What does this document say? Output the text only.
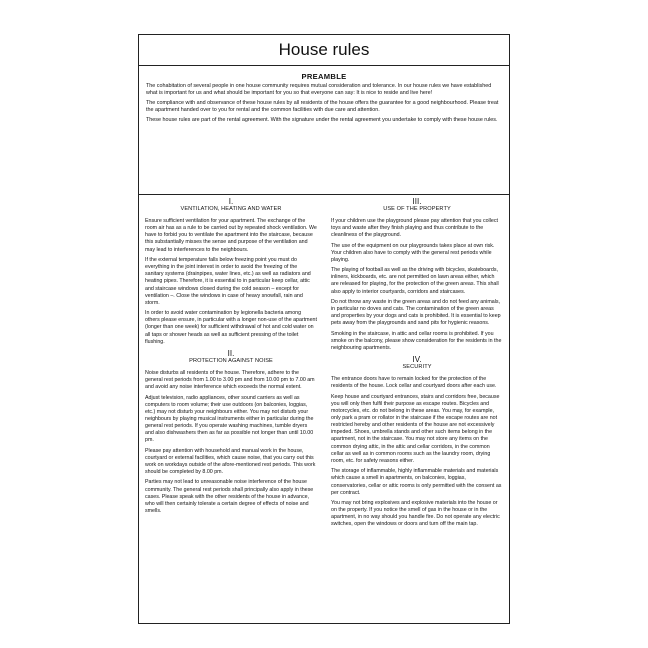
House rules
PREAMBLE

The cohabitation of several people in one house community requires mutual consideration and tolerance. In our house rules we have established what is important for us and what should be important for you so that everyone can say: It is nice to reside and live here!

The compliance with and observance of these house rules by all residents of the house offers the guarantee for a good neighbourhood. Please treat the apartment handed over to you for rental and the common facilities with due care and attention.

These house rules are part of the rental agreement. With the signature under the rental agreement you undertake to comply with these house rules.

I.
VENTILATION, HEATING AND WATER

Ensure sufficient ventilation for your apartment. The exchange of the room air has as a rule to be carried out by repeated shock ventilation. We have to forbid you to ventilate the apartment into the staircase, because this substantially misses the sense and purpose of the ventilation and may lead to interferences to the neighbours.

If the external temperature falls below freezing point you must do everything in the joint interest in order to avoid the freezing of the sanitary systems (drainpipes, water lines, etc.) as well as radiators and heating pipes. Therefore, it is essential to in particular keep cellar, attic and staircase windows closed during the cold season – except for ventilation –. Close the windows in case of heavy snowfall, rain and storm.

In order to avoid water contamination by legionella bacteria among others please ensure, in particular with a longer non-use of the apartment (longer than one week) for sufficient withdrawal of hot and cold water on all taps or shower heads as well as sufficient pressing of the toilet flushing.

II.
PROTECTION AGAINST NOISE

Noise disturbs all residents of the house. Therefore, adhere to the general rest periods from 1.00 to 3.00 pm and from 10.00 pm to 7.00 am and avoid any noise interference which exceeds the normal extent.

Adjust television, radio appliances, other sound carriers as well as computers to room volume; their use outdoors (on balconies, loggias, etc.) may not disturb your neighbours either. You may not disturb your neighbours by playing musical instruments either in particular during the general rest periods. If you operate washing machines, tumble dryers and also dishwashers then as far as possible not longer than until 10.00 pm.

Please pay attention with household and manual work in the house, courtyard or external facilities, which cause noise, that you carry out this work on workdays outside of the afore-mentioned rest periods. This work should be completed by 8.00 pm.

Parties may not lead to unreasonable noise interference of the house community. The general rest periods shall principally also apply in these cases. Please speak with the other residents of the house in advance, who will then certainly tolerate a certain degree of effects of noise and smells.

III.
USE OF THE PROPERTY

If your children use the playground please pay attention that you collect toys and waste after they finish playing and thus contribute to the cleanliness of the playground.

The use of the equipment on our playgrounds takes place at own risk. Your children also have to comply with the general rest periods while playing.

The playing of football as well as the driving with bicycles, skateboards, inliners, kickboards, etc. are not permitted on lawn areas either, which are released for playing, for the protection of the green areas. This shall also apply to interior courtyards, corridors and staircases.

Do not throw any waste in the green areas and do not feed any animals, in particular no doves and cats. The contamination of the green areas and properties by your dogs and cats is prohibited. It is essential to keep pets away from the playgrounds and sand pits for hygienic reasons.

Smoking in the staircase, in attic and cellar rooms is prohibited. If you smoke on the balcony, please show consideration for the residents in the neighbouring apartments.

IV.
SECURITY

The entrance doors have to remain locked for the protection of the residents of the house. Lock cellar and courtyard doors after each use.

Keep house and courtyard entrances, stairs and corridors free, because you will only then fulfil their purpose as escape routes. Bicycles and motorcycles, etc. do not belong in these areas. You may, for example, only park a pram or rollator in the staircase if the escape routes are not restricted hereby and other residents of the house are not excessively impeded. Shoes, umbrella stands and other such items belong in the apartment, not in the staircase. You may not store any items on the common drying attic, in the attic and cellar corridors, in the common cellar as well as in common rooms such as the laundry room, drying room, etc. for safety reasons either.

The storage of inflammable, highly inflammable materials and materials which cause a smell in apartments, on balconies, loggias, conservatories, cellar or attic rooms is only permitted with the consent as per contract.

You may not bring explosives and explosive materials into the house or on the property. If you notice the smell of gas in the house or in the apartment, in no way should you handle fire. Do not operate any electric switches, open the windows or doors and turn off the main tap.
